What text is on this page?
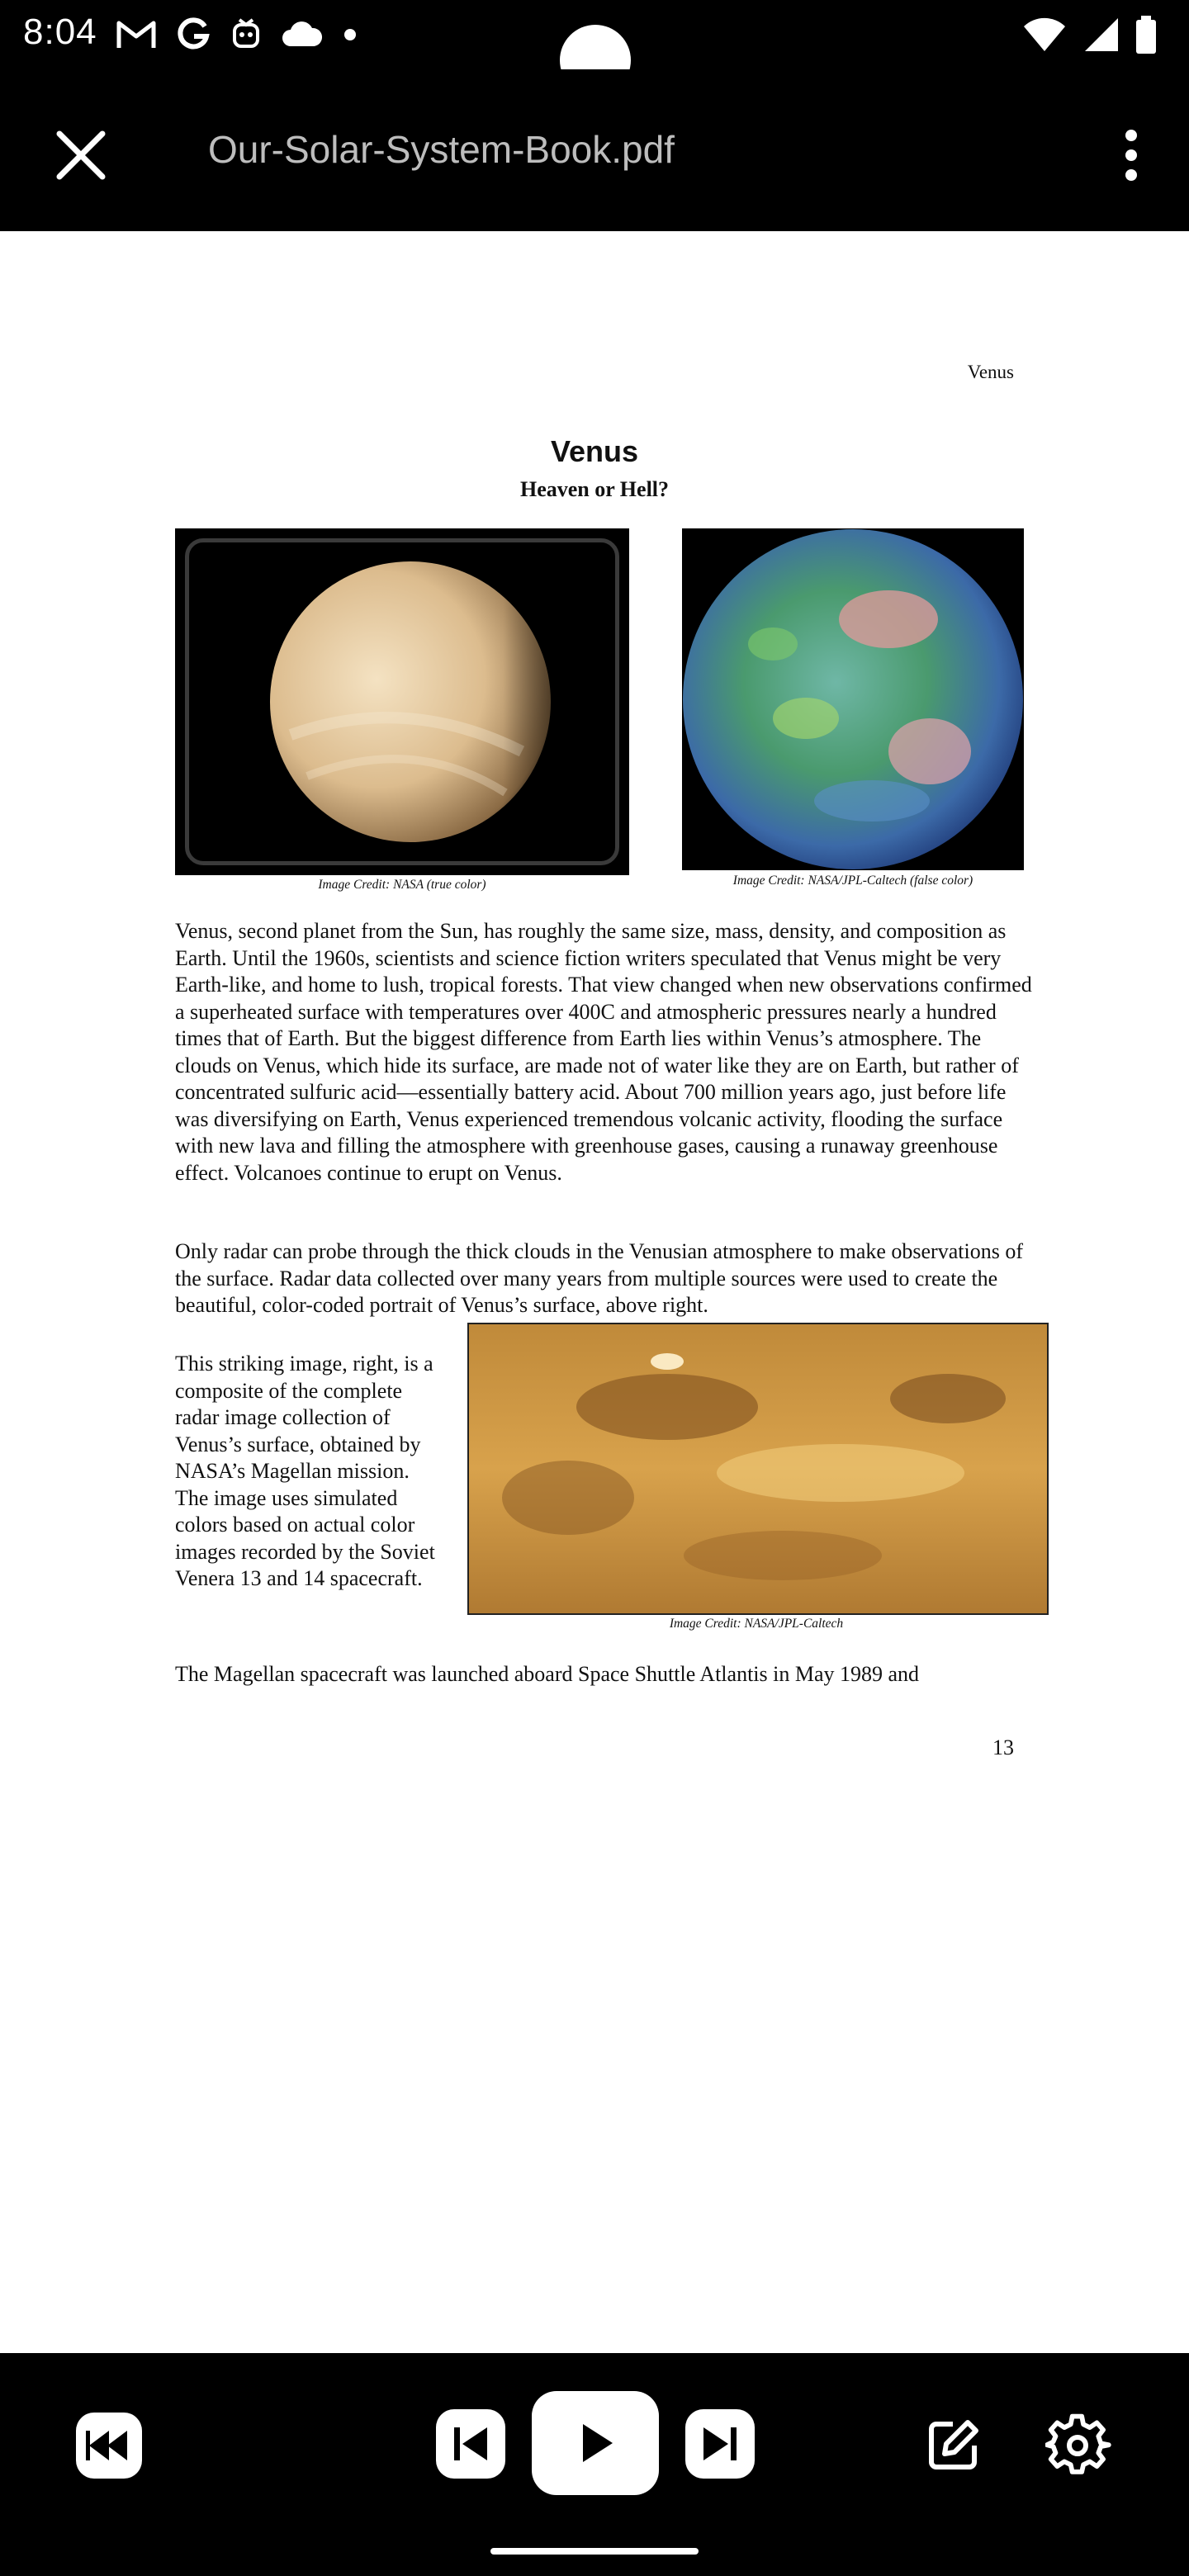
8:04
Our-Solar-System-Book.pdf
Venus
Venus
Heaven or Hell?
Image Credit: NASA (true color)	Image Credit: NASA/JPL-Caltech (false color)
Venus, second planet from the Sun, has roughly the same size, mass, density, and composition as Earth. Until the 1960s, scientists and science fiction writers speculated that Venus might be very Earth-like, and home to lush, tropical forests. That view changed when new observations confirmed a superheated surface with temperatures over 400C and atmospheric pressures nearly a hundred times that of Earth. But the biggest difference from Earth lies within Venus’s atmosphere. The clouds on Venus, which hide its surface, are made not of water like they are on Earth, but rather of concentrated sulfuric acid—essentially battery acid. About 700 million years ago, just before life was diversifying on Earth, Venus experienced tremendous volcanic activity, flooding the surface with new lava and filling the atmosphere with greenhouse gases, causing a runaway greenhouse effect. Volcanoes continue to erupt on Venus.
Only radar can probe through the thick clouds in the Venusian atmosphere to make observations of the surface. Radar data collected over many years from multiple sources were used to create the beautiful, color-coded portrait of Venus’s surface, above right.
This striking image, right, is a composite of the complete radar image collection of Venus’s surface, obtained by NASA’s Magellan mission. The image uses simulated colors based on actual color images recorded by the Soviet Venera 13 and 14 spacecraft.
Image Credit: NASA/JPL-Caltech
The Magellan spacecraft was launched aboard Space Shuttle Atlantis in May 1989 and
13
